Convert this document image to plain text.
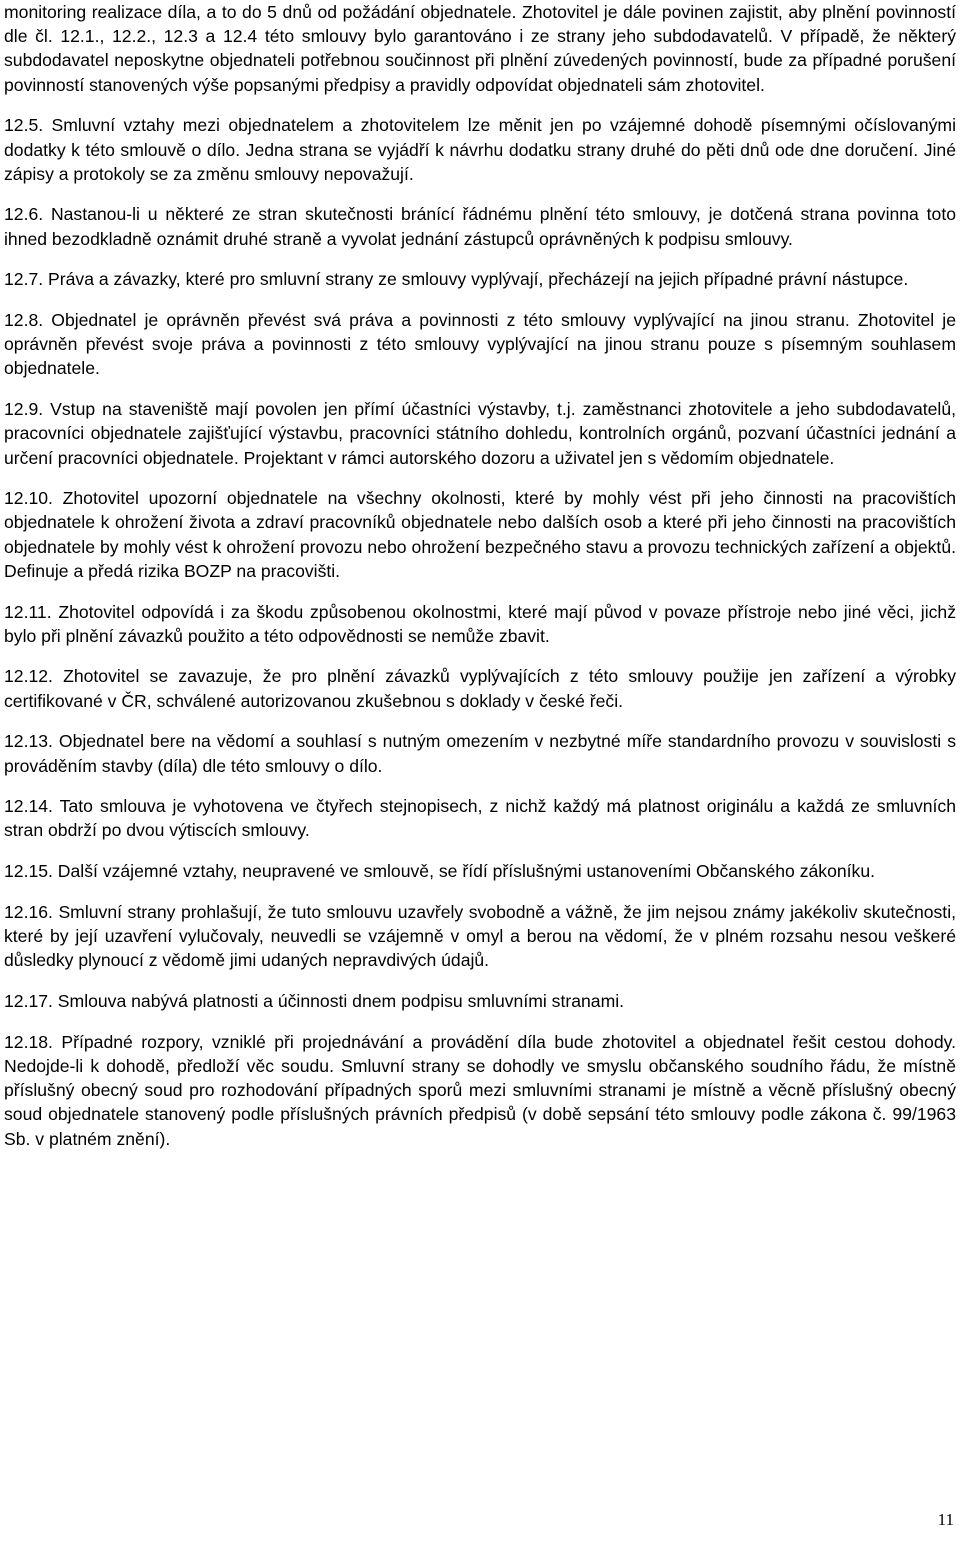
monitoring realizace díla, a to do 5 dnů od požádání objednatele. Zhotovitel je dále povinen zajistit, aby plnění povinností dle čl. 12.1., 12.2., 12.3 a 12.4 této smlouvy bylo garantováno i ze strany jeho subdodavatelů. V případě, že některý subdodavatel neposkytne objednateli potřebnou součinnost při plnění zúvedených povinností, bude za případné porušení povinností stanovených výše popsanými předpisy a pravidly odpovídat objednateli sám zhotovitel.

12.5. Smluvní vztahy mezi objednatelem a zhotovitelem lze měnit jen po vzájemné dohodě písemnými očíslovanými dodatky k této smlouvě o dílo. Jedna strana se vyjádří k návrhu dodatku strany druhé do pěti dnů ode dne doručení. Jiné zápisy a protokoly se za změnu smlouvy nepovažují.

12.6. Nastanou-li u některé ze stran skutečnosti bránící řádnému plnění této smlouvy, je dotčená strana povinna toto ihned bezodkladně oznámit druhé straně a vyvolat jednání zástupců oprávněných k podpisu smlouvy.

12.7. Práva a závazky, které pro smluvní strany ze smlouvy vyplývají, přecházejí na jejich případné právní nástupce.

12.8. Objednatel je oprávněn převést svá práva a povinnosti z této smlouvy vyplývající na jinou stranu. Zhotovitel je oprávněn převést svoje práva a povinnosti z této smlouvy vyplývající na jinou stranu pouze s písemným souhlasem objednatele.

12.9. Vstup na staveniště mají povolen jen přímí účastníci výstavby, t.j. zaměstnanci zhotovitele a jeho subdodavatelů, pracovníci objednatele zajišťující výstavbu, pracovníci státního dohledu, kontrolních orgánů, pozvaní účastníci jednání a určení pracovníci objednatele. Projektant v rámci autorského dozoru a uživatel jen s vědomím objednatele.

12.10. Zhotovitel upozorní objednatele na všechny okolnosti, které by mohly vést při jeho činnosti na pracovištích objednatele k ohrožení života a zdraví pracovníků objednatele nebo dalších osob a které při jeho činnosti na pracovištích objednatele by mohly vést k ohrožení provozu nebo ohrožení bezpečného stavu a provozu technických zařízení a objektů. Definuje a předá rizika BOZP na pracovišti.

12.11. Zhotovitel odpovídá i za škodu způsobenou okolnostmi, které mají původ v povaze přístroje nebo jiné věci, jichž bylo při plnění závazků použito a této odpovědnosti se nemůže zbavit.

12.12. Zhotovitel se zavazuje, že pro plnění závazků vyplývajících z této smlouvy použije jen zařízení a výrobky certifikované v ČR, schválené autorizovanou zkušebnou s doklady v české řeči.

12.13. Objednatel bere na vědomí a souhlasí s nutným omezením v nezbytné míře standardního provozu v souvislosti s prováděním stavby (díla) dle této smlouvy o dílo.

12.14. Tato smlouva je vyhotovena ve čtyřech stejnopisech, z nichž každý má platnost originálu a každá ze smluvních stran obdrží po dvou výtiscích smlouvy.

12.15. Další vzájemné vztahy, neupravené ve smlouvě, se řídí příslušnými ustanoveními Občanského zákoníku.

12.16. Smluvní strany prohlašují, že tuto smlouvu uzavřely svobodně a vážně, že jim nejsou známy jakékoliv skutečnosti, které by její uzavření vylučovaly, neuvedli se vzájemně v omyl a berou na vědomí, že v plném rozsahu nesou veškeré důsledky plynoucí z vědomě jimi udaných nepravdivých údajů.

12.17. Smlouva nabývá platnosti a účinnosti dnem podpisu smluvními stranami.

12.18. Případné rozpory, vzniklé při projednávání a provádění díla bude zhotovitel a objednatel řešit cestou dohody. Nedojde-li k dohodě, předloží věc soudu. Smluvní strany se dohodly ve smyslu občanského soudního řádu, že místně příslušný obecný soud pro rozhodování případných sporů mezi smluvními stranami je místně a věcně příslušný obecný soud objednatele stanovený podle příslušných právních předpisů (v době sepsání této smlouvy podle zákona č. 99/1963 Sb. v platném znění).

11
